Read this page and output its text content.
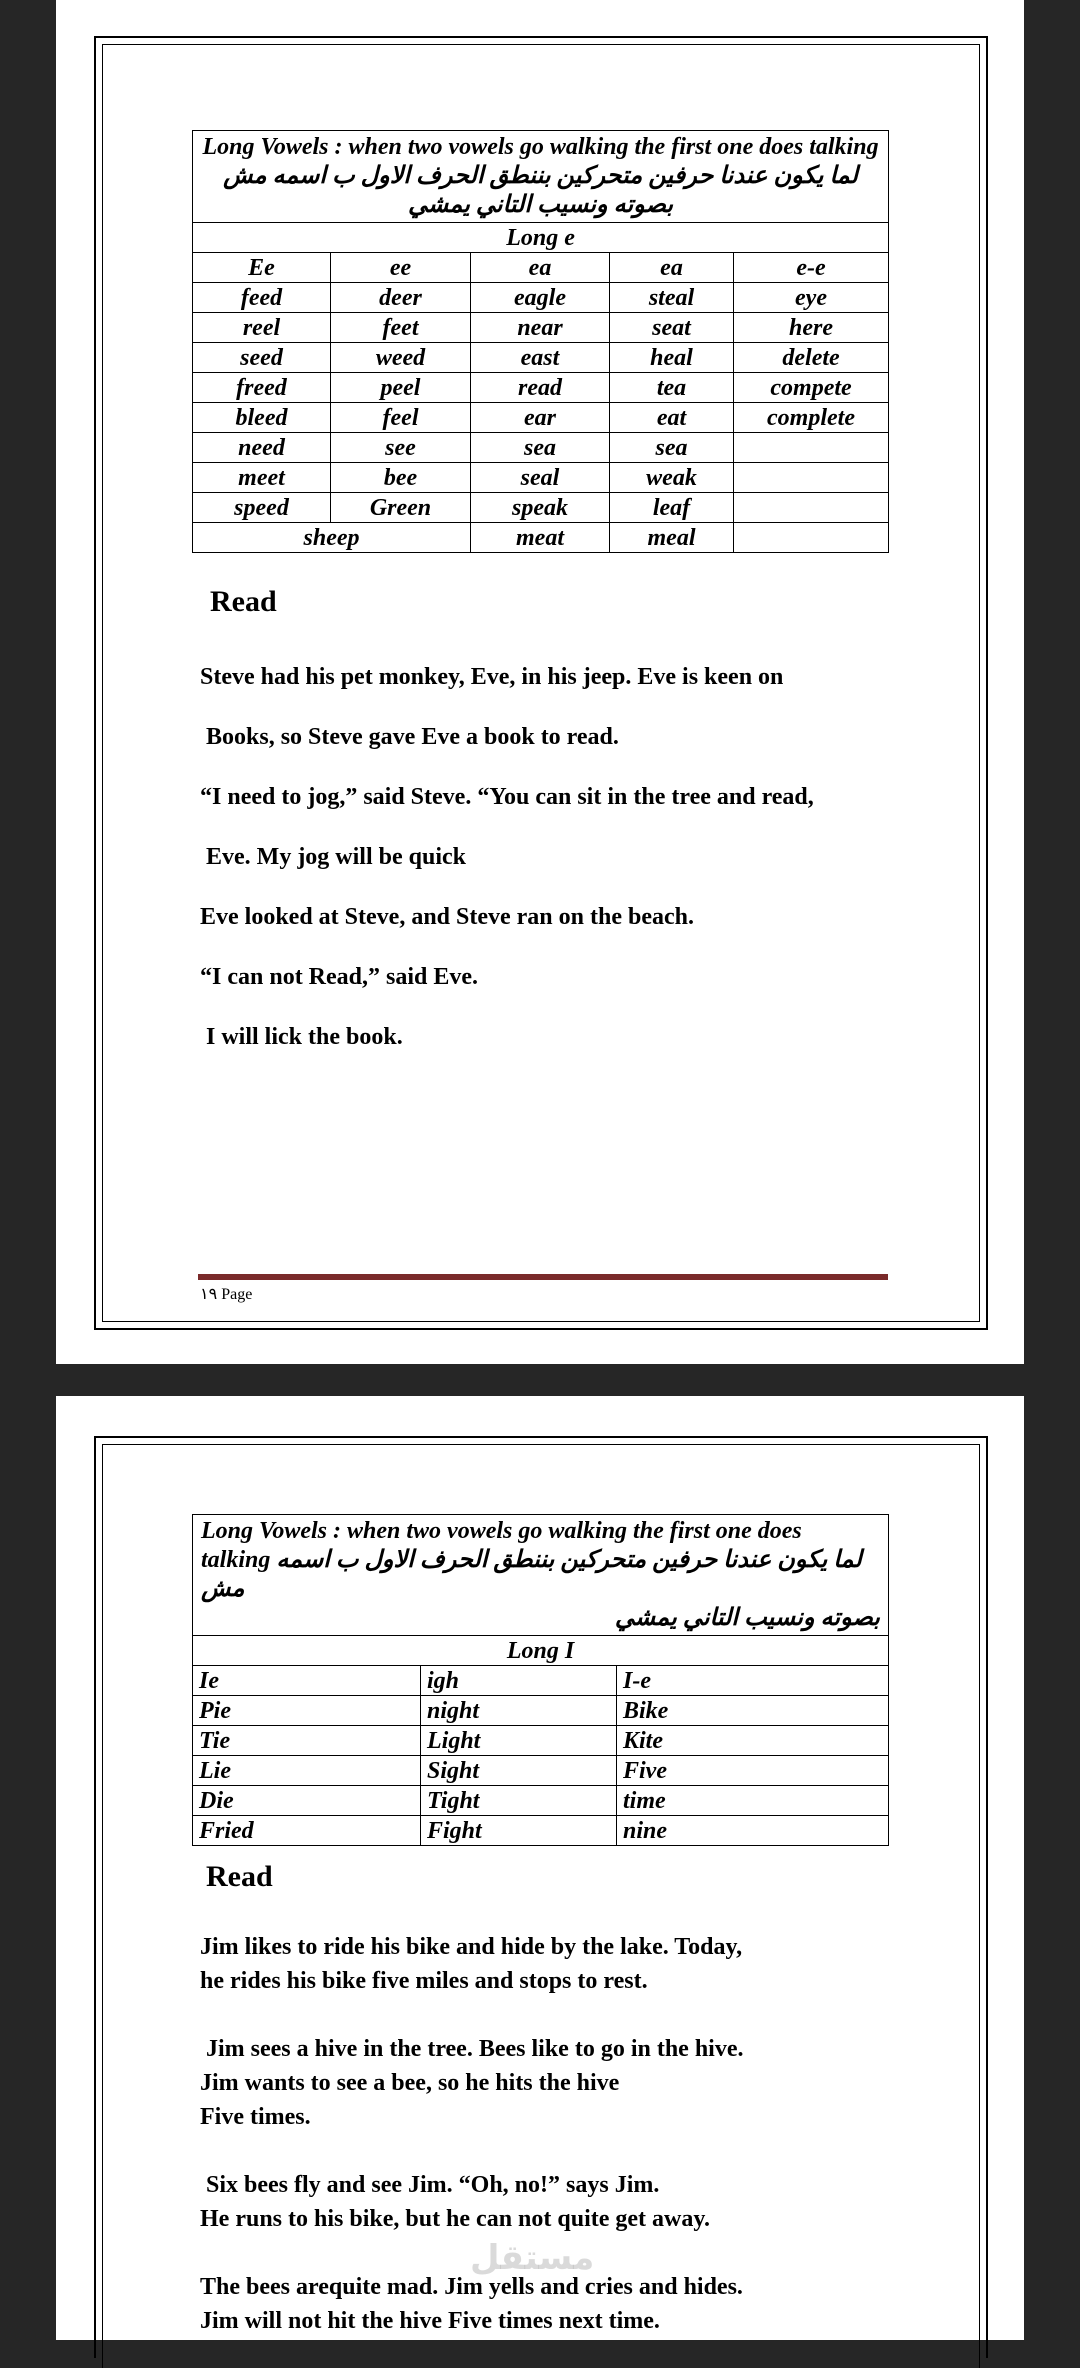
Long Vowels : when two vowels go walking the first one does talking لما يكون عندنا حرفين متحركين بننطق الحرف الاول ب اسمه مش بصوته ونسيب التاني يمشي				
Long e				
Ee	ee	ea	ea	e-e
feed	deer	eagle	steal	eye
reel	feet	near	seat	here
seed	weed	east	heal	delete
freed	peel	read	tea	compete
bleed	feel	ear	eat	complete
need	see	sea	sea	
meet	bee	seal	weak	
speed	Green	speak	leaf	
sheep		meat	meal	
Read

Steve had his pet monkey, Eve, in his jeep. Eve is keen on

Books, so Steve gave Eve a book to read.

“I need to jog,” said Steve. “You can sit in the tree and read,

Eve. My jog will be quick

Eve looked at Steve, and Steve ran on the beach.

“I can not Read,” said Eve.

I will lick the book.

١٩ Page
Long Vowels : when two vowels go walking the first one does
talking لما يكون عندنا حرفين متحركين بننطق الحرف الاول ب اسمه مش
بصوته ونسيب التاني يمشي		

Long I		
Ie	igh	I-e
Pie	night	Bike
Tie	Light	Kite
Lie	Sight	Five
Die	Tight	time
Fried	Fight	nine
Read

Jim likes to ride his bike and hide by the lake. Today,

he rides his bike five miles and stops to rest.

Jim sees a hive in the tree. Bees like to go in the hive.

Jim wants to see a bee, so he hits the hive

Five times.

Six bees fly and see Jim. “Oh, no!” says Jim.

He runs to his bike, but he can not quite get away.

The bees arequite mad. Jim yells and cries and hides.

Jim will not hit the hive Five times next time.

مستقل
